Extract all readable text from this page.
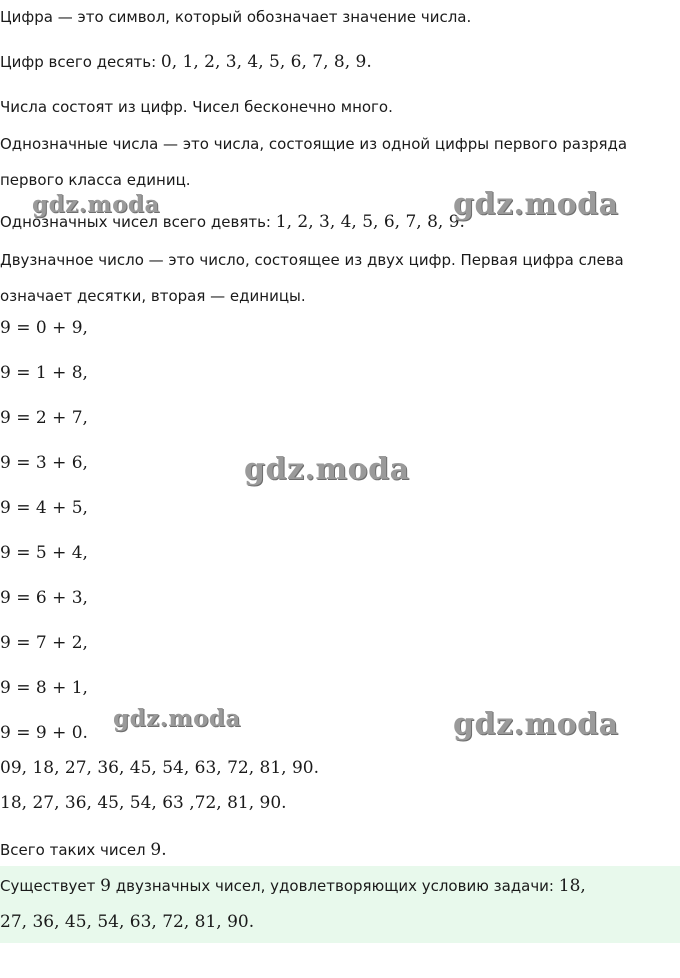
Цифра — это символ, который обозначает значение числа.
Цифр всего десять: 0, 1, 2, 3, 4, 5, 6, 7, 8, 9.
Числа состоят из цифр. Чисел бесконечно много.
Однозначные числа — это числа, состоящие из одной цифры первого разряда
первого класса единиц.
Однозначных чисел всего девять: 1, 2, 3, 4, 5, 6, 7, 8, 9.
Двузначное число — это число, состоящее из двух цифр. Первая цифра слева
означает десятки, вторая — единицы.
9 = 0 + 9,
9 = 1 + 8,
9 = 2 + 7,
9 = 3 + 6,
9 = 4 + 5,
9 = 5 + 4,
9 = 6 + 3,
9 = 7 + 2,
9 = 8 + 1,
9 = 9 + 0.
09, 18, 27, 36, 45, 54, 63, 72, 81, 90.
18, 27, 36, 45, 54, 63 ,72, 81, 90.
Всего таких чисел 9.
Существует 9 двузначных чисел, удовлетворяющих условию задачи: 18,
27, 36, 45, 54, 63, 72, 81, 90.
gdz.moda	gdz.moda
gdz.moda
gdz.moda	gdz.moda
